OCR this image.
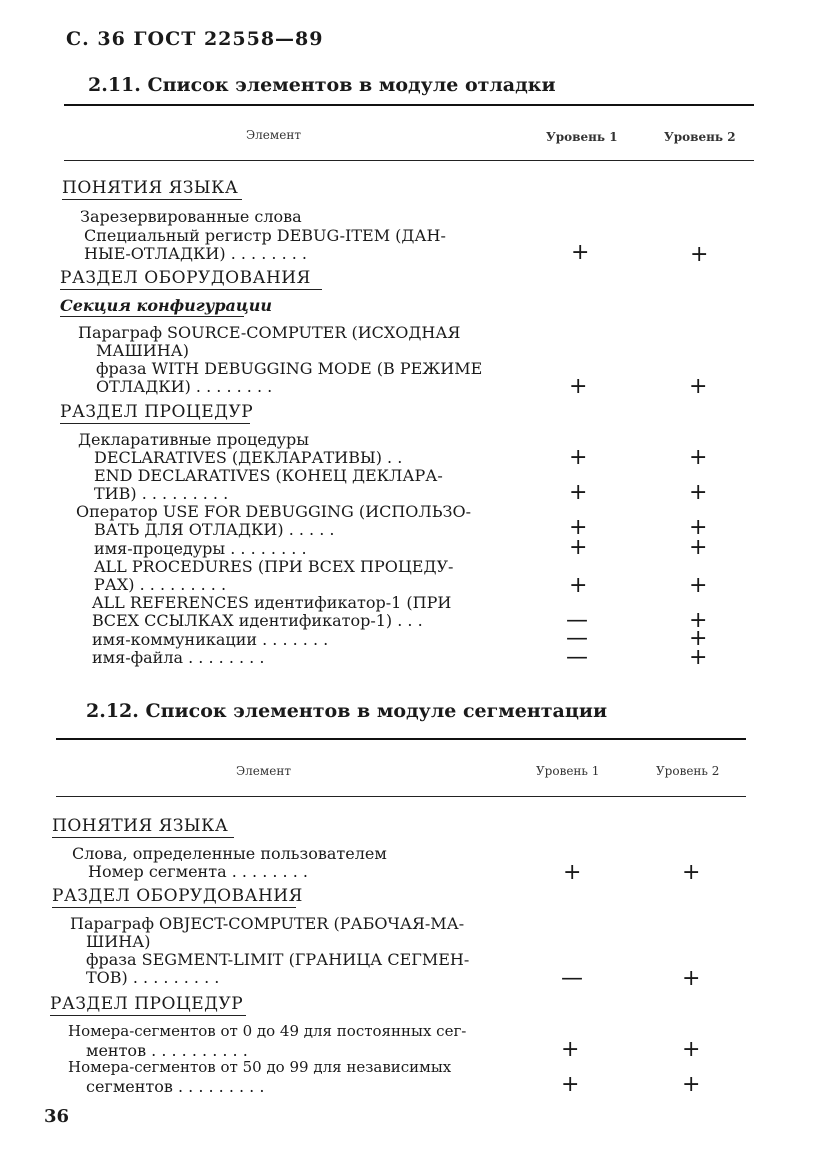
С. 36 ГОСТ 22558—89
2.11. Список элементов в модуле отладки
Элемент	Уровень 1	Уровень 2
ПОНЯТИЯ ЯЗЫКА
Зарезервированные слова
Специальный регистр DEBUG-ITEM (ДАН-
НЫЕ-ОТЛАДКИ) . . . . . . . .	+	+
РАЗДЕЛ ОБОРУДОВАНИЯ
Секция конфигурации
Параграф SOURCE-COMPUTER (ИСХОДНАЯ
МАШИНА)
фраза WITH DEBUGGING MODE (В РЕЖИМЕ
ОТЛАДКИ) . . . . . . . .	+	+
РАЗДЕЛ ПРОЦЕДУР
Декларативные процедуры
DECLARATIVES (ДЕКЛАРАТИВЫ) . .	+	+
END DECLARATIVES (КОНЕЦ ДЕКЛАРА-
ТИВ) . . . . . . . . .	+	+
Оператор USE FOR DEBUGGING (ИСПОЛЬЗО-
ВАТЬ ДЛЯ ОТЛАДКИ) . . . . .	+	+
имя-процедуры . . . . . . . .	+	+
ALL PROCEDURES (ПРИ ВСЕХ ПРОЦЕДУ-
РАХ) . . . . . . . . .	+	+
ALL REFERENCES идентификатор-1 (ПРИ
ВСЕХ ССЫЛКАХ идентификатор-1) . . .	—	+
имя-коммуникации . . . . . . .	—	+
имя-файла . . . . . . . .	—	+
2.12. Список элементов в модуле сегментации
Элемент	Уровень 1	Уровень 2
ПОНЯТИЯ ЯЗЫКА
Слова, определенные пользователем
Номер сегмента . . . . . . . .	+	+
РАЗДЕЛ ОБОРУДОВАНИЯ
Параграф OBJECT-COMPUTER (РАБОЧАЯ-МА-
ШИНА)
фраза SEGMENT-LIMIT (ГРАНИЦА СЕГМЕН-
ТОВ) . . . . . . . . .	—	+
РАЗДЕЛ ПРОЦЕДУР
Номера-сегментов от 0 до 49 для постоянных сег-
ментов . . . . . . . . . .	+	+
Номера-сегментов от 50 до 99 для независимых
сегментов . . . . . . . . .	+	+
36
